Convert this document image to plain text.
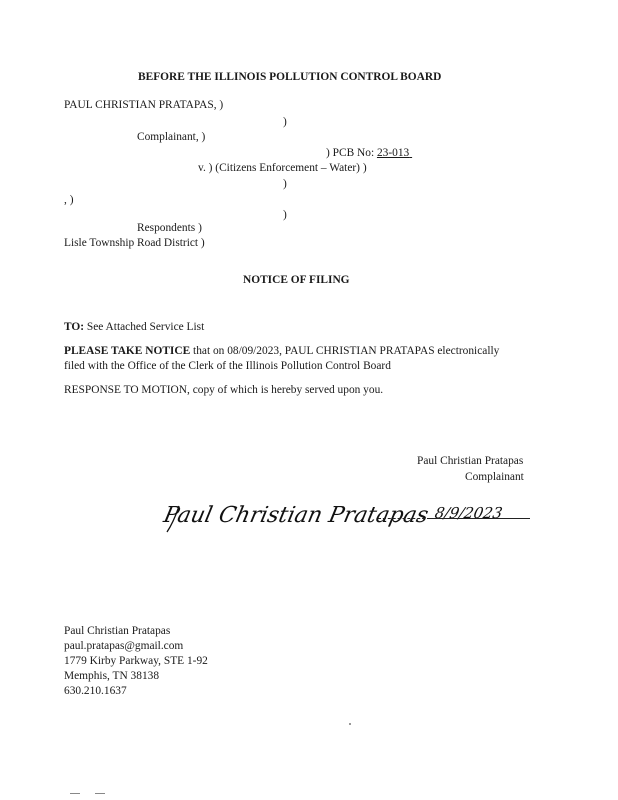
BEFORE THE ILLINOIS POLLUTION CONTROL BOARD
PAUL CHRISTIAN PRATAPAS, )
)
Complainant, )
) PCB No: 23-013
v. ) (Citizens Enforcement – Water) )
)
, )
)
Respondents )
Lisle Township Road District )
NOTICE OF FILING
TO: See Attached Service List
PLEASE TAKE NOTICE that on 08/09/2023, PAUL CHRISTIAN PRATAPAS electronically
filed with the Office of the Clerk of the Illinois Pollution Control Board
RESPONSE TO MOTION, copy of which is hereby served upon you.
Paul Christian Pratapas
Complainant
Paul Christian Pratapas 8/9/2023
Paul Christian Pratapas
paul.pratapas@gmail.com
1779 Kirby Parkway, STE 1-92
Memphis, TN 38138
630.210.1637
